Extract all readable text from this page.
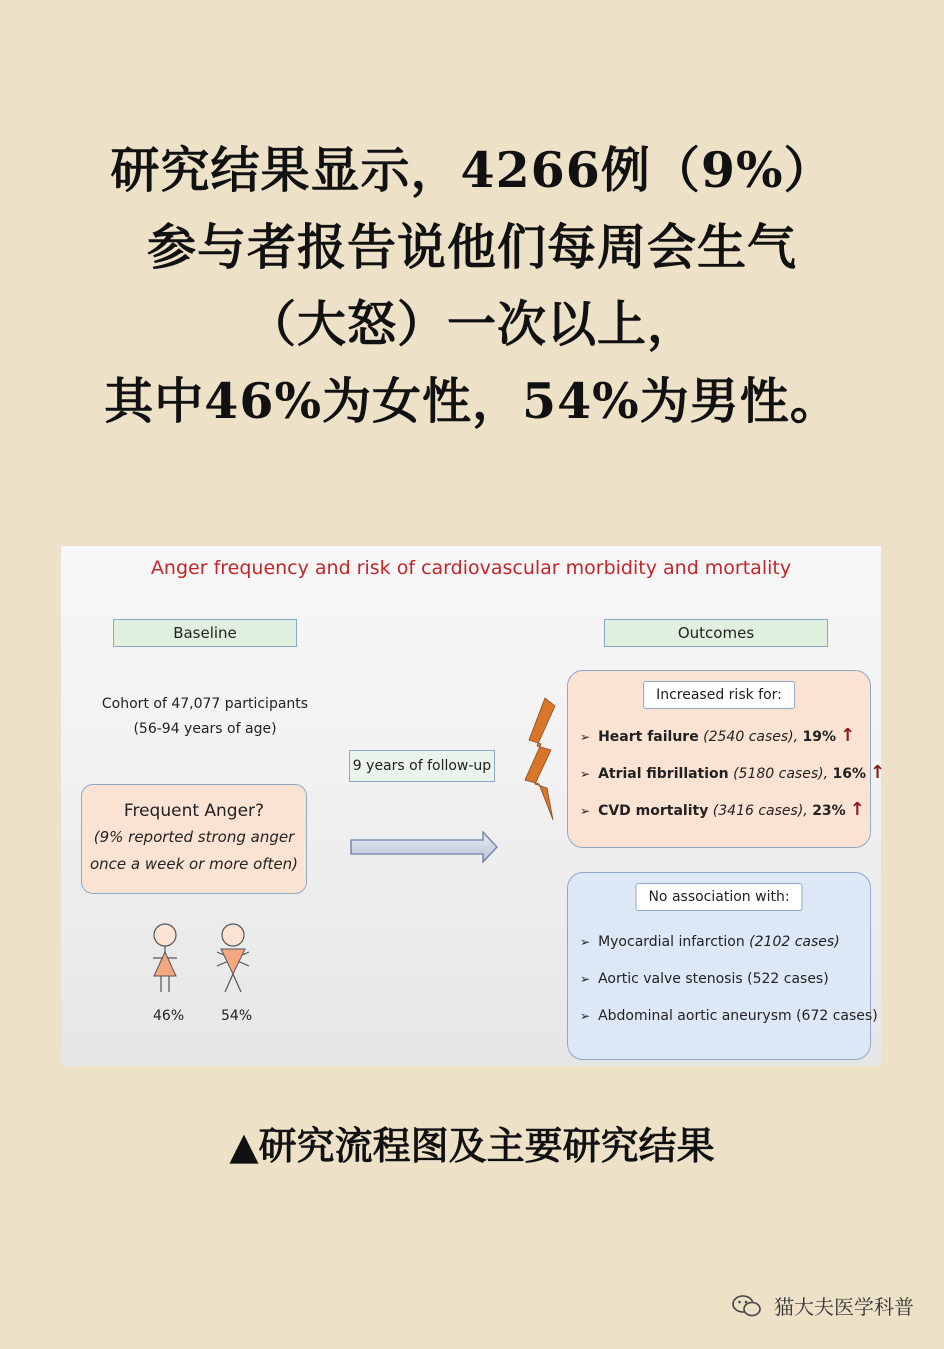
研究结果显示，4266例（9%）
参与者报告说他们每周会生气
（大怒）一次以上，
其中46%为女性，54%为男性。
Anger frequency and risk of cardiovascular morbidity and mortality
Baseline	Outcomes
Cohort of 47,077 participants
(56-94 years of age)
9 years of follow-up
Frequent Anger?
(9% reported strong anger
once a week or more often)
46%	54%
Increased risk for:
➢ Heart failure (2540 cases), 19% ↑
➢ Atrial fibrillation (5180 cases), 16% ↑
➢ CVD mortality (3416 cases), 23% ↑
No association with:
➢ Myocardial infarction (2102 cases)
➢ Aortic valve stenosis (522 cases)
➢ Abdominal aortic aneurysm (672 cases)
▲研究流程图及主要研究结果
猫大夫医学科普
